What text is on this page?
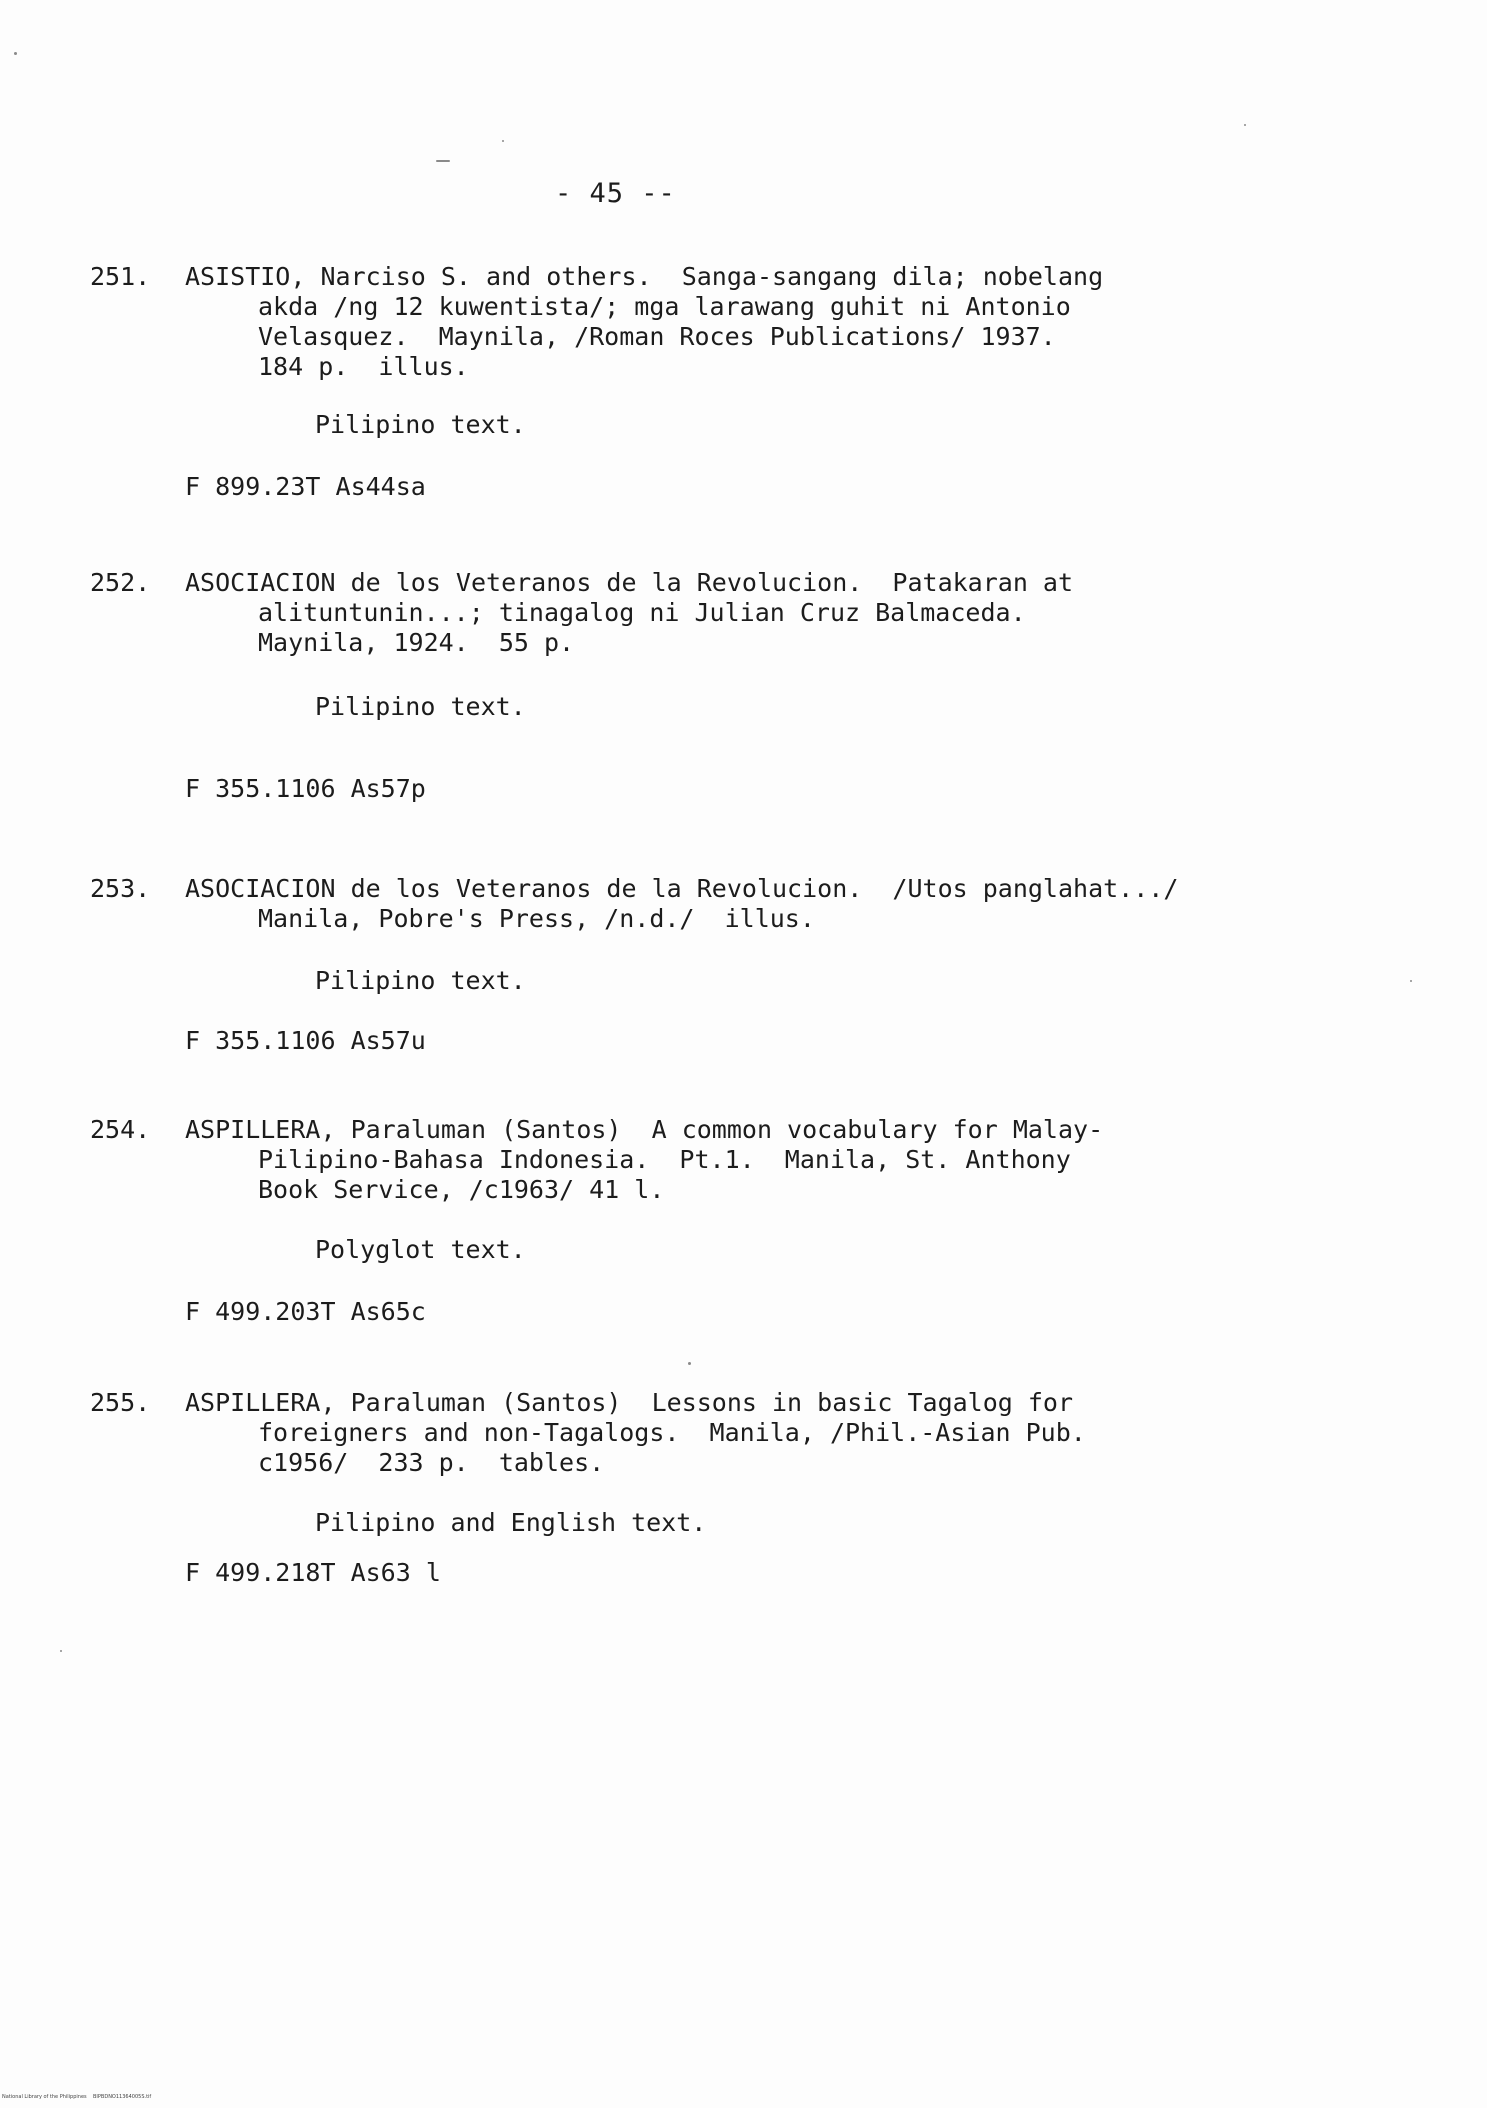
- 45 --
251.	ASISTIO, Narciso S. and others.  Sanga-sangang dila; nobelang
akda /ng 12 kuwentista/; mga larawang guhit ni Antonio
Velasquez.  Maynila, /Roman Roces Publications/ 1937.
184 p.  illus.
Pilipino text.
F 899.23T As44sa
252.	ASOCIACION de los Veteranos de la Revolucion.  Patakaran at
alituntunin...; tinagalog ni Julian Cruz Balmaceda.
Maynila, 1924.  55 p.
Pilipino text.
F 355.1106 As57p
253.	ASOCIACION de los Veteranos de la Revolucion.  /Utos panglahat.../
Manila, Pobre's Press, /n.d./  illus.
Pilipino text.
F 355.1106 As57u
254.	ASPILLERA, Paraluman (Santos)  A common vocabulary for Malay-
Pilipino-Bahasa Indonesia.  Pt.1.  Manila, St. Anthony
Book Service, /c1963/ 41 l.
Polyglot text.
F 499.203T As65c
255.	ASPILLERA, Paraluman (Santos)  Lessons in basic Tagalog for
foreigners and non-Tagalogs.  Manila, /Phil.-Asian Pub.
c1956/  233 p.  tables.
Pilipino and English text.
F 499.218T As63 l
National Library of the Philippines    BIPBDNO11364005S.tif
